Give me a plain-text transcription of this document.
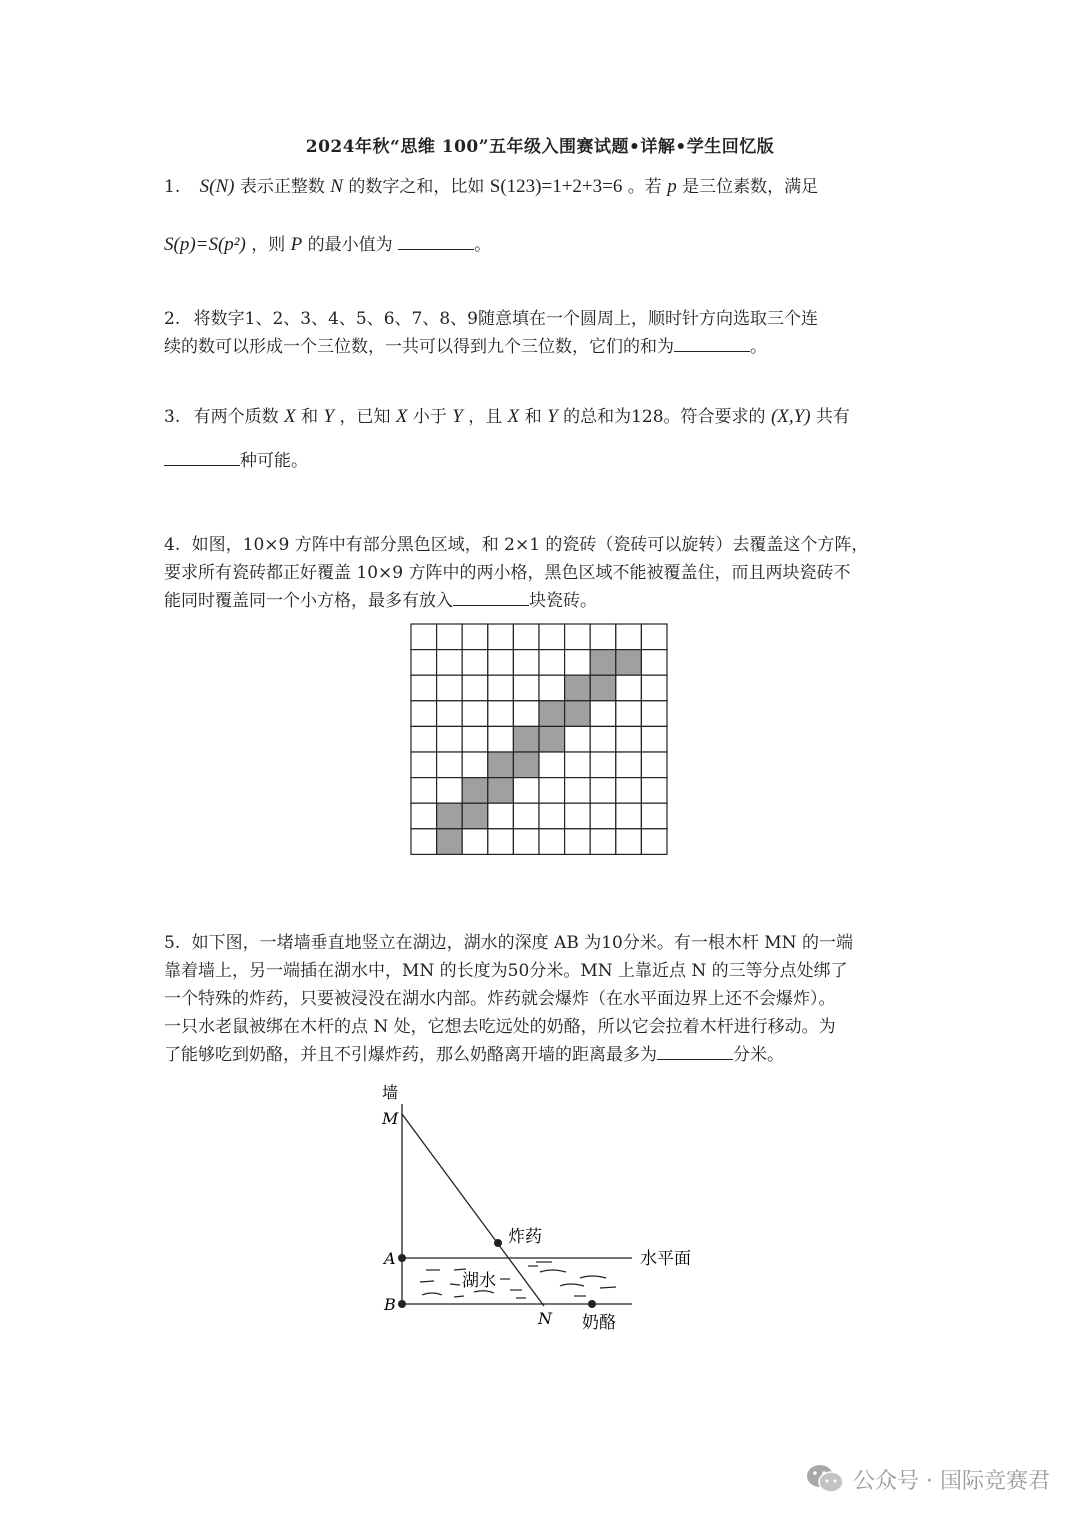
2024年秋“思维 100”五年级入围赛试题•详解•学生回忆版
1. S(N) 表示正整数 N 的数字之和，比如 S(123)=1+2+3=6 。若 p 是三位素数，满足
S(p)=S(p²) ，则 P 的最小值为	。
2. 将数字1、2、3、4、5、6、7、8、9随意填在一个圆周上，顺时针方向选取三个连
续的数可以形成一个三位数，一共可以得到九个三位数，它们的和为	。
3. 有两个质数 X 和 Y ，已知 X 小于 Y ，且 X 和 Y 的总和为128。符合要求的 (X,Y) 共有
种可能。
4. 如图，10×9 方阵中有部分黑色区域，和 2×1 的瓷砖（瓷砖可以旋转）去覆盖这个方阵，
要求所有瓷砖都正好覆盖 10×9 方阵中的两小格，黑色区域不能被覆盖住，而且两块瓷砖不
能同时覆盖同一个小方格，最多有放入	块瓷砖。
5. 如下图，一堵墙垂直地竖立在湖边，湖水的深度 AB 为10分米。有一根木杆 MN 的一端
靠着墙上，另一端插在湖水中，MN 的长度为50分米。MN 上靠近点 N 的三等分点处绑了
一个特殊的炸药，只要被浸没在湖水内部。炸药就会爆炸（在水平面边界上还不会爆炸）。
一只水老鼠被绑在木杆的点 N 处，它想去吃远处的奶酪，所以它会拉着木杆进行移动。为
了能够吃到奶酪，并且不引爆炸药，那么奶酪离开墙的距离最多为	分米。
墙
M
A
B
N
炸药
水平面
湖水
奶酪
公众号 · 国际竞赛君
